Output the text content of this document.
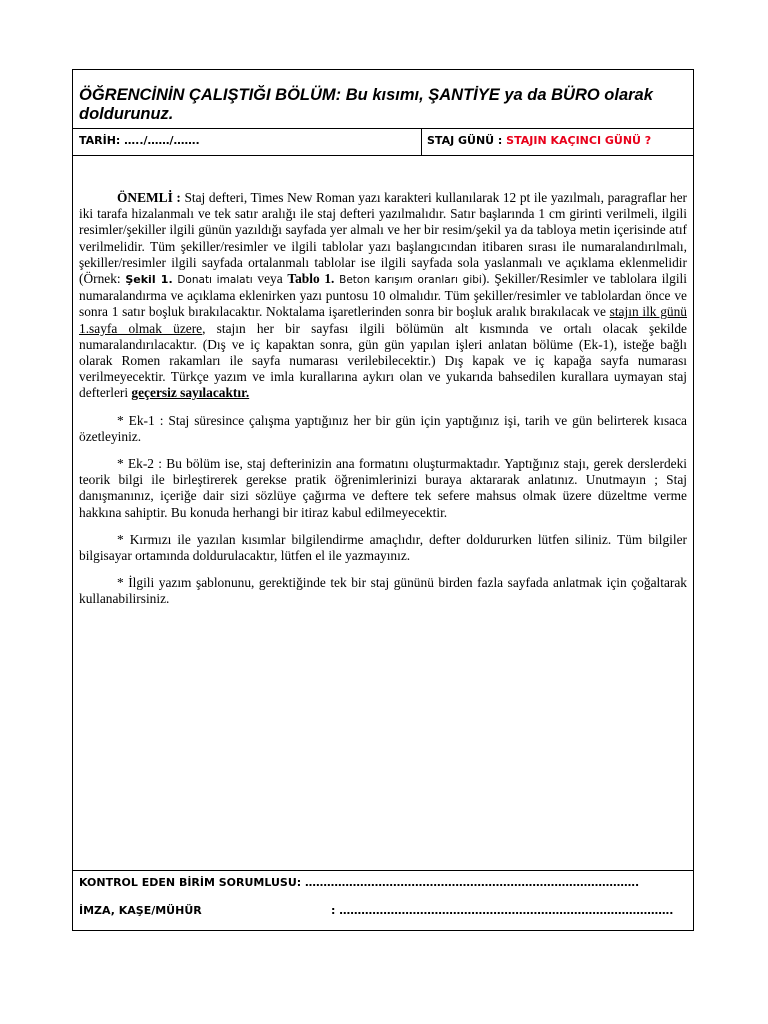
ÖĞRENCİNİN ÇALIŞTIĞI BÖLÜM: Bu kısımı, ŞANTİYE ya da BÜRO olarak doldurunuz.
TARİH: …../……/…….	STAJ GÜNÜ : STAJIN KAÇINCI GÜNÜ ?

ÖNEMLİ : Staj defteri, Times New Roman yazı karakteri kullanılarak 12 pt ile yazılmalı, paragraflar her iki tarafa hizalanmalı ve tek satır aralığı ile staj defteri yazılmalıdır. Satır başlarında 1 cm girinti verilmeli, ilgili resimler/şekiller ilgili günün yazıldığı sayfada yer almalı ve her bir resim/şekil ya da tabloya metin içerisinde atıf verilmelidir. Tüm şekiller/resimler ve ilgili tablolar yazı başlangıcından itibaren sırası ile numaralandırılmalı, şekiller/resimler ilgili sayfada ortalanmalı tablolar ise ilgili sayfada sola yaslanmalı ve açıklama eklenmelidir (Örnek: Şekil 1. Donatı imalatı veya Tablo 1. Beton karışım oranları gibi). Şekiller/Resimler ve tablolara ilgili numaralandırma ve açıklama eklenirken yazı puntosu 10 olmalıdır. Tüm şekiller/resimler ve tablolardan önce ve sonra 1 satır boşluk bırakılacaktır. Noktalama işaretlerinden sonra bir boşluk aralık bırakılacak ve stajın ilk günü 1.sayfa olmak üzere, stajın her bir sayfası ilgili bölümün alt kısmında ve ortalı olacak şekilde numaralandırılacaktır. (Dış ve iç kapaktan sonra, gün gün yapılan işleri anlatan bölüme (Ek-1), isteğe bağlı olarak Romen rakamları ile sayfa numarası verilebilecektir.) Dış kapak ve iç kapağa sayfa numarası verilmeyecektir. Türkçe yazım ve imla kurallarına aykırı olan ve yukarıda bahsedilen kurallara uymayan staj defterleri geçersiz sayılacaktır.

* Ek-1 : Staj süresince çalışma yaptığınız her bir gün için yaptığınız işi, tarih ve gün belirterek kısaca özetleyiniz.

* Ek-2 : Bu bölüm ise, staj defterinizin ana formatını oluşturmaktadır. Yaptığınız stajı, gerek derslerdeki teorik bilgi ile birleştirerek gerekse pratik öğrenimlerinizi buraya aktararak anlatınız. Unutmayın ; Staj danışmanınız, içeriğe dair sizi sözlüye çağırma ve deftere tek sefere mahsus olmak üzere düzeltme verme hakkına sahiptir. Bu konuda herhangi bir itiraz kabul edilmeyecektir.

* Kırmızı ile yazılan kısımlar bilgilendirme amaçlıdır, defter doldururken lütfen siliniz. Tüm bilgiler bilgisayar ortamında doldurulacaktır, lütfen el ile yazmayınız.

* İlgili yazım şablonunu, gerektiğinde tek bir staj gününü birden fazla sayfada anlatmak için çoğaltarak kullanabilirsiniz.

KONTROL EDEN BİRİM SORUMLUSU: ……………………………………………………………………………….
İMZA, KAŞE/MÜHÜR	: ……………………………………………………………………………….
